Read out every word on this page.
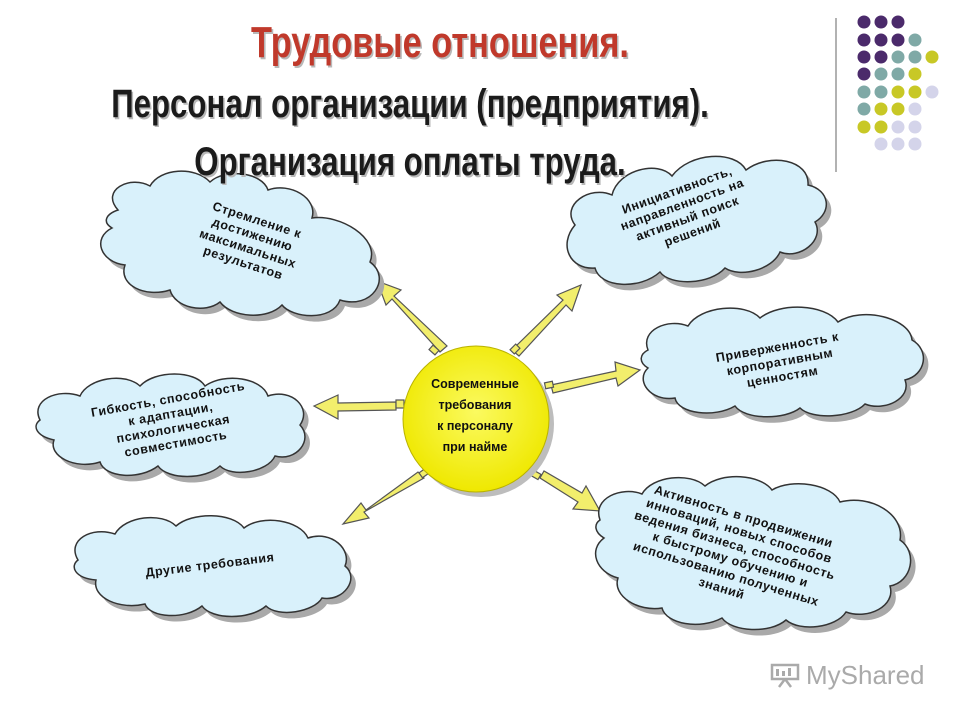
Трудовые отношения.
Персонал организации (предприятия).
Организация оплаты труда.
Современные
требования
к персоналу
при найме
Стремление к
достижению
максимальных
результатов
Инициативность,
направленность на
активный поиск
решений
Приверженность к
корпоративным
ценностям
Гибкость, способность
к адаптации,
психологическая
совместимость
Активность в продвижении
инноваций, новых способов
ведения бизнеса, способность
к быстрому обучению и
использованию полученных
знаний
Другие требования
MyShared
